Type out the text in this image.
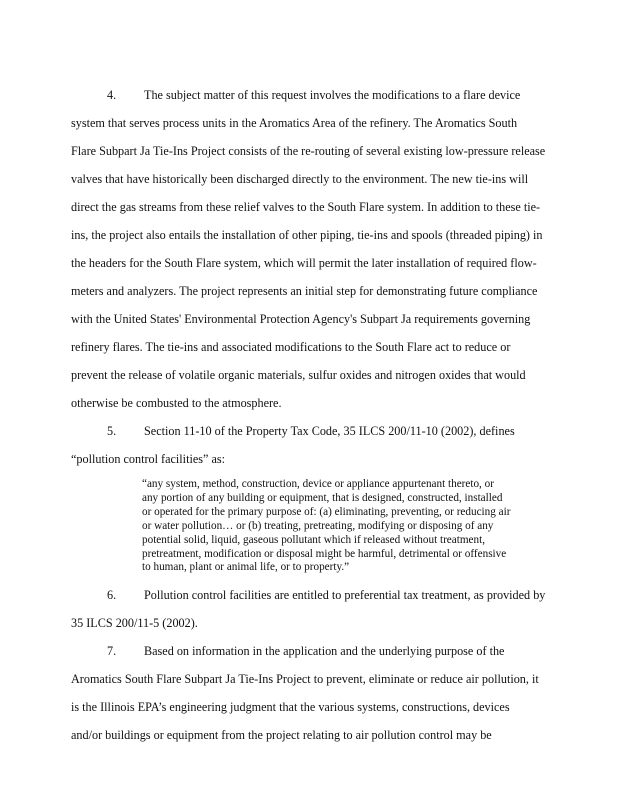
4. The subject matter of this request involves the modifications to a flare device
system that serves process units in the Aromatics Area of the refinery. The Aromatics South
Flare Subpart Ja Tie-Ins Project consists of the re-routing of several existing low-pressure release
valves that have historically been discharged directly to the environment. The new tie-ins will
direct the gas streams from these relief valves to the South Flare system. In addition to these tie-
ins, the project also entails the installation of other piping, tie-ins and spools (threaded piping) in
the headers for the South Flare system, which will permit the later installation of required flow-
meters and analyzers. The project represents an initial step for demonstrating future compliance
with the United States' Environmental Protection Agency's Subpart Ja requirements governing
refinery flares. The tie-ins and associated modifications to the South Flare act to reduce or
prevent the release of volatile organic materials, sulfur oxides and nitrogen oxides that would
otherwise be combusted to the atmosphere.
5. Section 11-10 of the Property Tax Code, 35 ILCS 200/11-10 (2002), defines
“pollution control facilities” as:
“any system, method, construction, device or appliance appurtenant thereto, or
any portion of any building or equipment, that is designed, constructed, installed
or operated for the primary purpose of: (a) eliminating, preventing, or reducing air
or water pollution… or (b) treating, pretreating, modifying or disposing of any
potential solid, liquid, gaseous pollutant which if released without treatment,
pretreatment, modification or disposal might be harmful, detrimental or offensive
to human, plant or animal life, or to property.”
6. Pollution control facilities are entitled to preferential tax treatment, as provided by
35 ILCS 200/11-5 (2002).
7. Based on information in the application and the underlying purpose of the
Aromatics South Flare Subpart Ja Tie-Ins Project to prevent, eliminate or reduce air pollution, it
is the Illinois EPA’s engineering judgment that the various systems, constructions, devices
and/or buildings or equipment from the project relating to air pollution control may be
